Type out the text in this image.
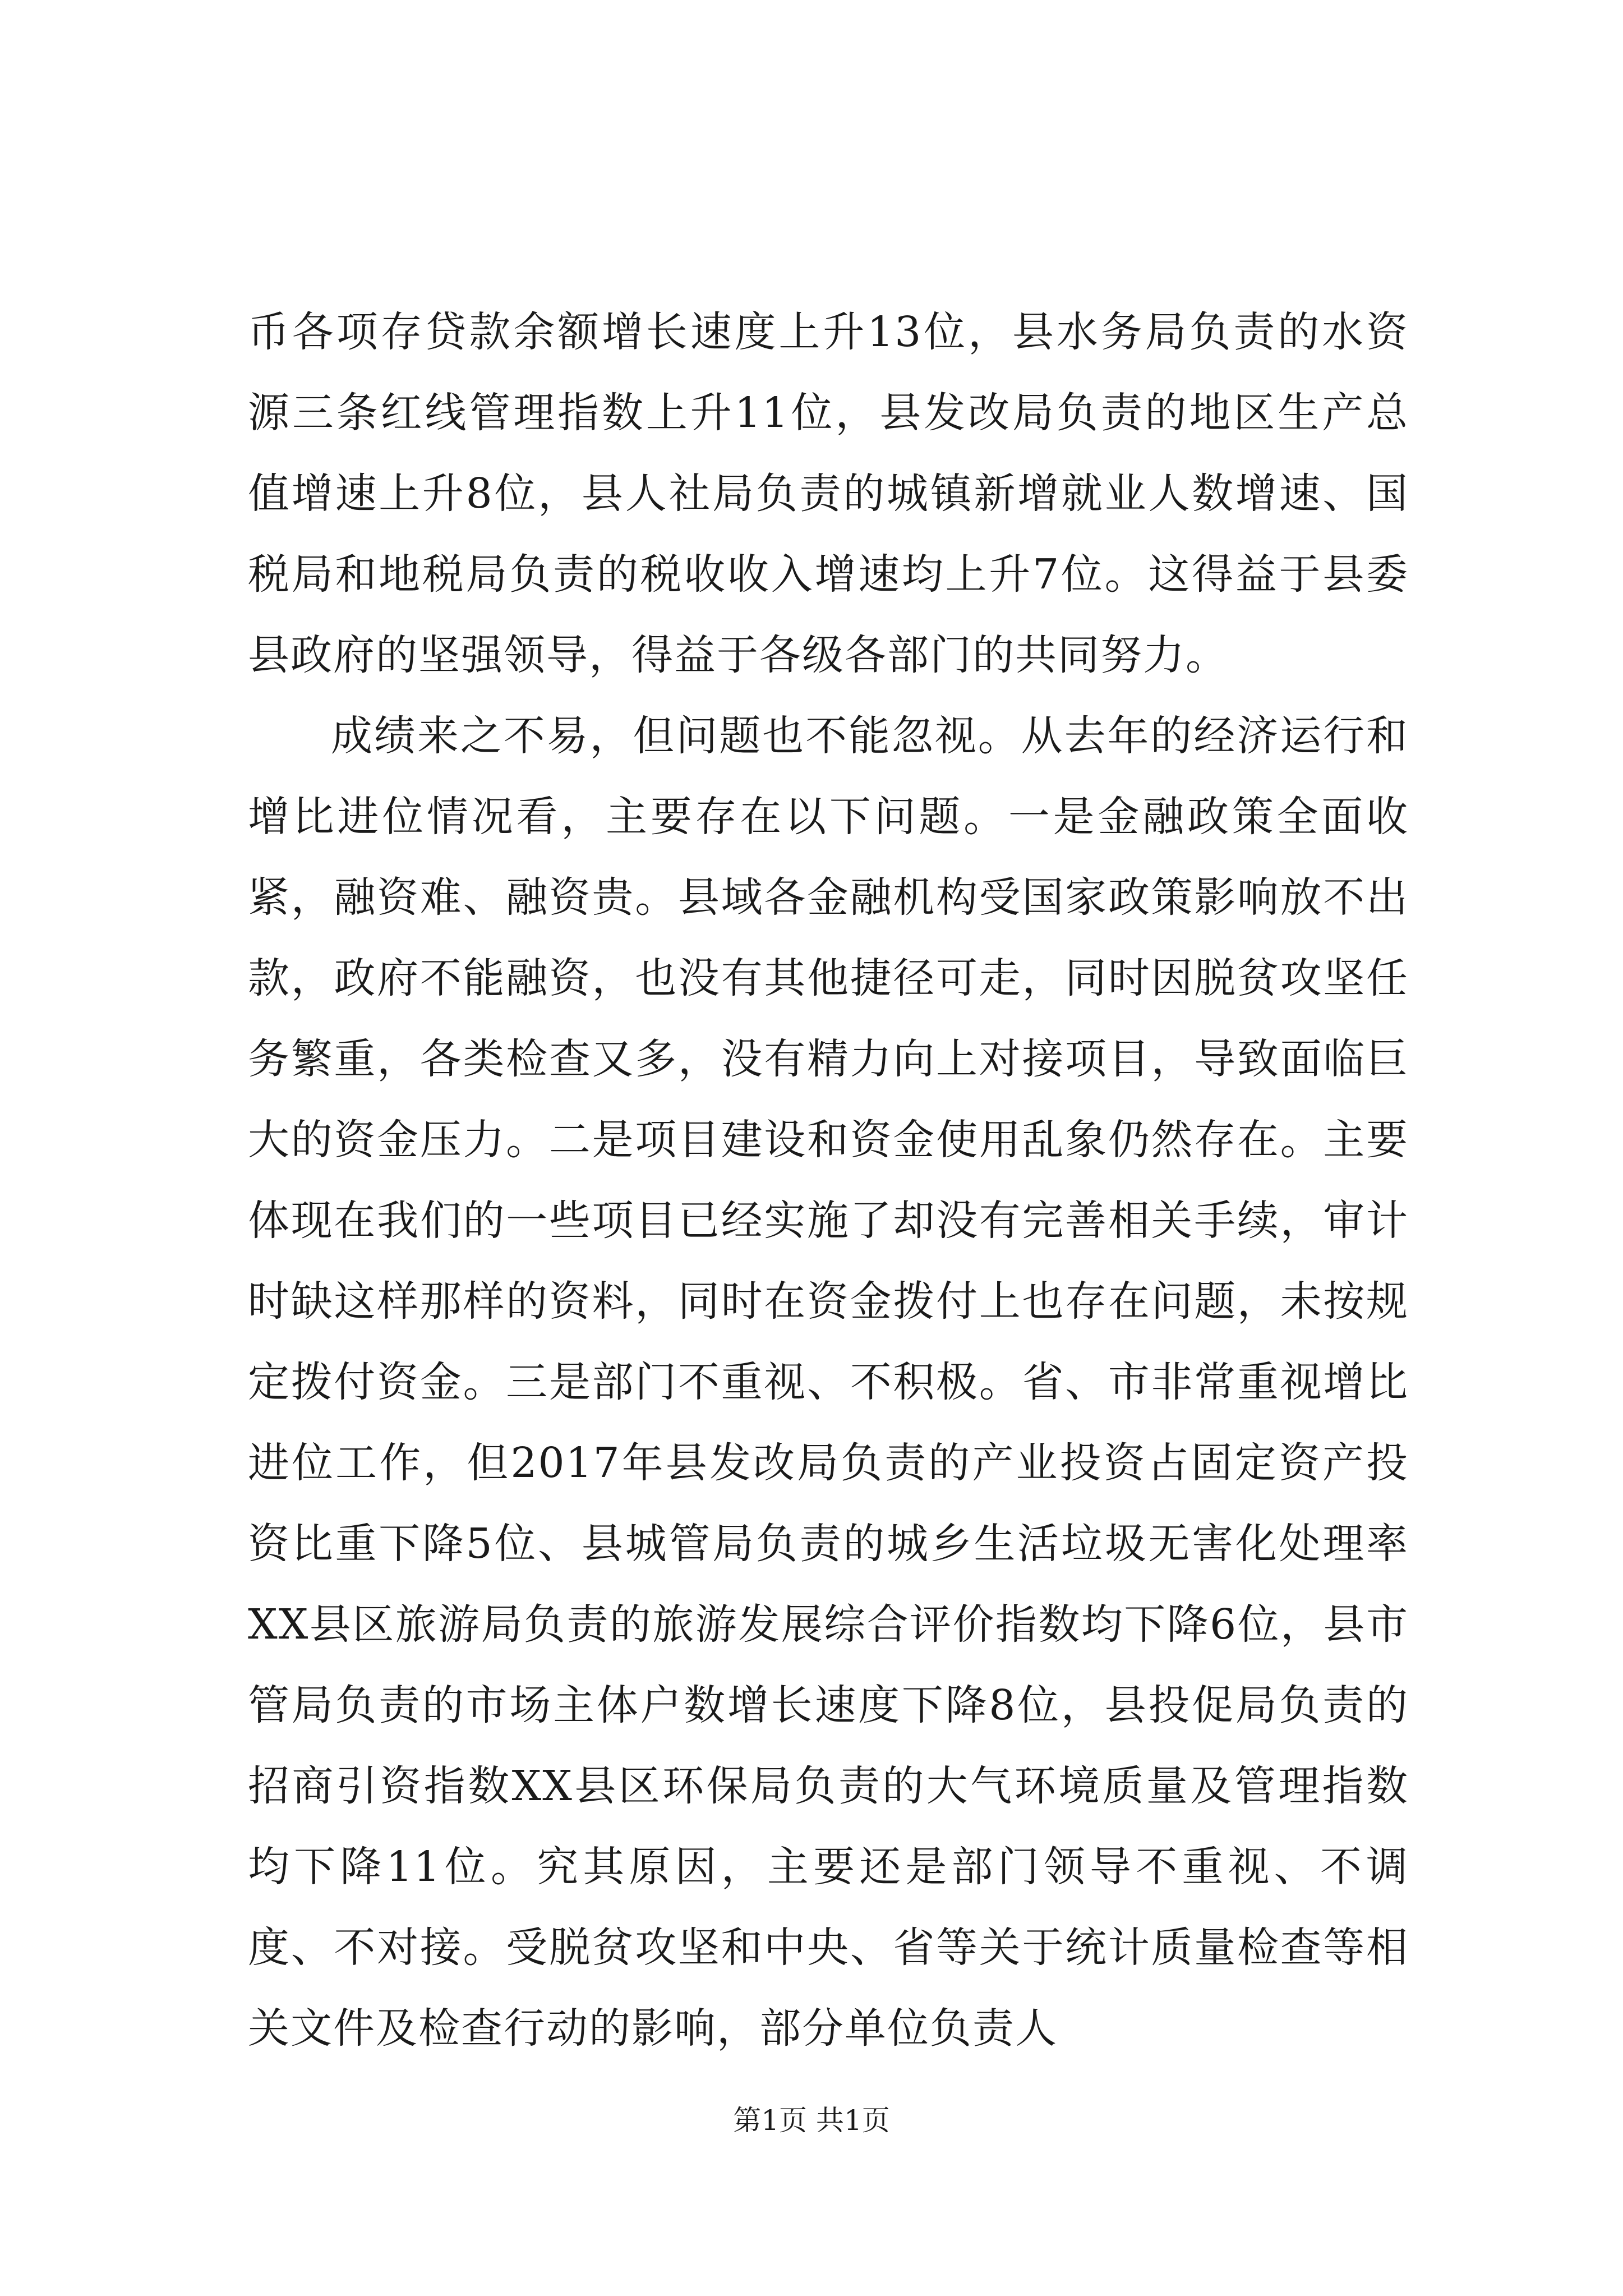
币各项存贷款余额增长速度上升13位，县水务局负责的水资源三条红线管理指数上升11位，县发改局负责的地区生产总值增速上升8位，县人社局负责的城镇新增就业人数增速、国税局和地税局负责的税收收入增速均上升7位。这得益于县委县政府的坚强领导，得益于各级各部门的共同努力。

成绩来之不易，但问题也不能忽视。从去年的经济运行和增比进位情况看，主要存在以下问题。一是金融政策全面收紧，融资难、融资贵。县域各金融机构受国家政策影响放不出款，政府不能融资，也没有其他捷径可走，同时因脱贫攻坚任务繁重，各类检查又多，没有精力向上对接项目，导致面临巨大的资金压力。二是项目建设和资金使用乱象仍然存在。主要体现在我们的一些项目已经实施了却没有完善相关手续，审计时缺这样那样的资料，同时在资金拨付上也存在问题，未按规定拨付资金。三是部门不重视、不积极。省、市非常重视增比进位工作，但2017年县发改局负责的产业投资占固定资产投资比重下降5位、县城管局负责的城乡生活垃圾无害化处理率XX县区旅游局负责的旅游发展综合评价指数均下降6位，县市管局负责的市场主体户数增长速度下降8位，县投促局负责的招商引资指数XX县区环保局负责的大气环境质量及管理指数均下降11位。究其原因，主要还是部门领导不重视、不调度、不对接。受脱贫攻坚和中央、省等关于统计质量检查等相关文件及检查行动的影响，部分单位负责人

第1页 共1页
